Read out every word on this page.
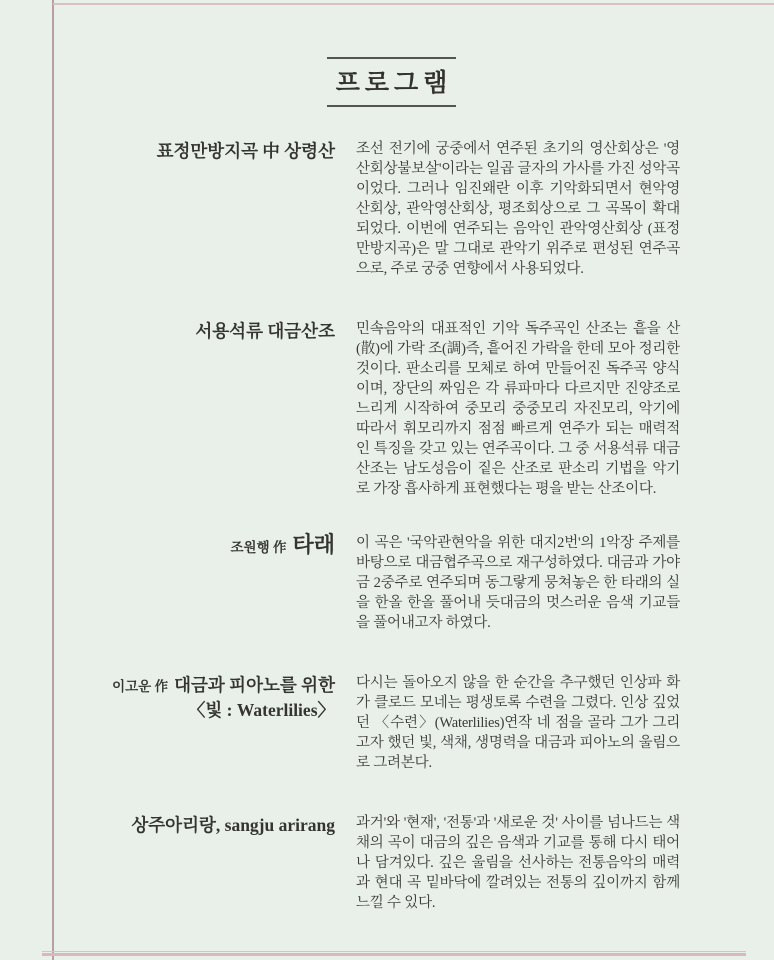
프로그램
표정만방지곡 中 상령산 조선 전기에 궁중에서 연주된 초기의 영산회상은 '영산회상불보살'이라는 일곱 글자의 가사를 가진 성악곡이었다. 그러나 임진왜란 이후 기악화되면서 현악영산회상, 관악영산회상, 평조회상으로 그 곡목이 확대되었다. 이번에 연주되는 음악인 관악영산회상 (표정만방지곡)은 말 그대로 관악기 위주로 편성된 연주곡으로, 주로 궁중 연향에서 사용되었다.
서용석류 대금산조 민속음악의 대표적인 기악 독주곡인 산조는 흩을 산(散)에 가락 조(調)즉, 흩어진 가락을 한데 모아 정리한 것이다. 판소리를 모체로 하여 만들어진 독주곡 양식이며, 장단의 짜임은 각 류파마다 다르지만 진양조로 느리게 시작하여 중모리 중중모리 자진모리, 악기에 따라서 휘모리까지 점점 빠르게 연주가 되는 매력적인 특징을 갖고 있는 연주곡이다. 그 중 서용석류 대금 산조는 남도성음이 짙은 산조로 판소리 기법을 악기로 가장 흡사하게 표현했다는 평을 받는 산조이다.
조원행 作 타래 이 곡은 '국악관현악을 위한 대지2번'의 1악장 주제를 바탕으로 대금협주곡으로 재구성하였다. 대금과 가야금 2중주로 연주되며 동그랗게 뭉쳐놓은 한 타래의 실을 한올 한올 풀어내 듯대금의 멋스러운 음색 기교들을 풀어내고자 하였다.
이고운 作 대금과 피아노를 위한
〈빛 : Waterlilies〉
다시는 돌아오지 않을 한 순간을 추구했던 인상파 화가 클로드 모네는 평생토록 수련을 그렸다. 인상 깊었던 〈수련〉(Waterlilies)연작 네 점을 골라 그가 그리고자 했던 빛, 색채, 생명력을 대금과 피아노의 울림으로 그려본다.
상주아리랑, sangju arirang 과거'와 '현재', '전통'과 '새로운 것' 사이를 넘나드는 색채의 곡이 대금의 깊은 음색과 기교를 통해 다시 태어나 담겨있다. 깊은 울림을 선사하는 전통음악의 매력과 현대 곡 밑바닥에 깔려있는 전통의 깊이까지 함께 느낄 수 있다.
